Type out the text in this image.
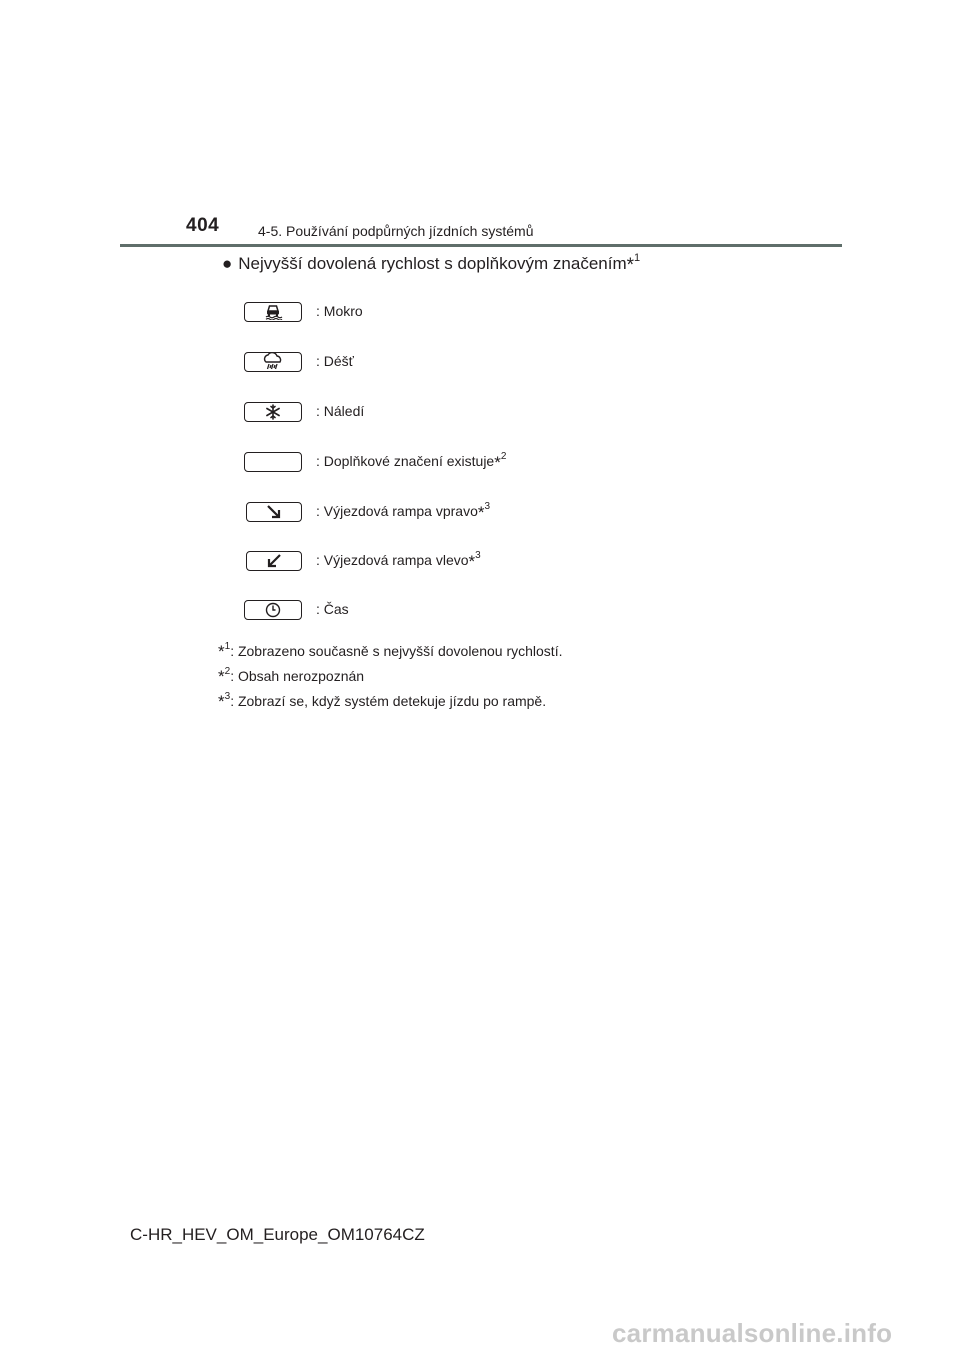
404	4-5. Používání podpůrných jízdních systémů
● Nejvyšší dovolená rychlost s doplňkovým značením$^{*1}$
: Mokro
: Déšť
: Náledí
: Doplňkové značení existuje$^{*2}$
: Výjezdová rampa vpravo$^{*3}$
: Výjezdová rampa vlevo$^{*3}$
: Čas
$^{*1}$: Zobrazeno současně s nejvyšší dovolenou rychlostí.
$^{*2}$: Obsah nerozpoznán
$^{*3}$: Zobrazí se, když systém detekuje jízdu po rampě.
C-HR_HEV_OM_Europe_OM10764CZ
carmanualsonline.info
